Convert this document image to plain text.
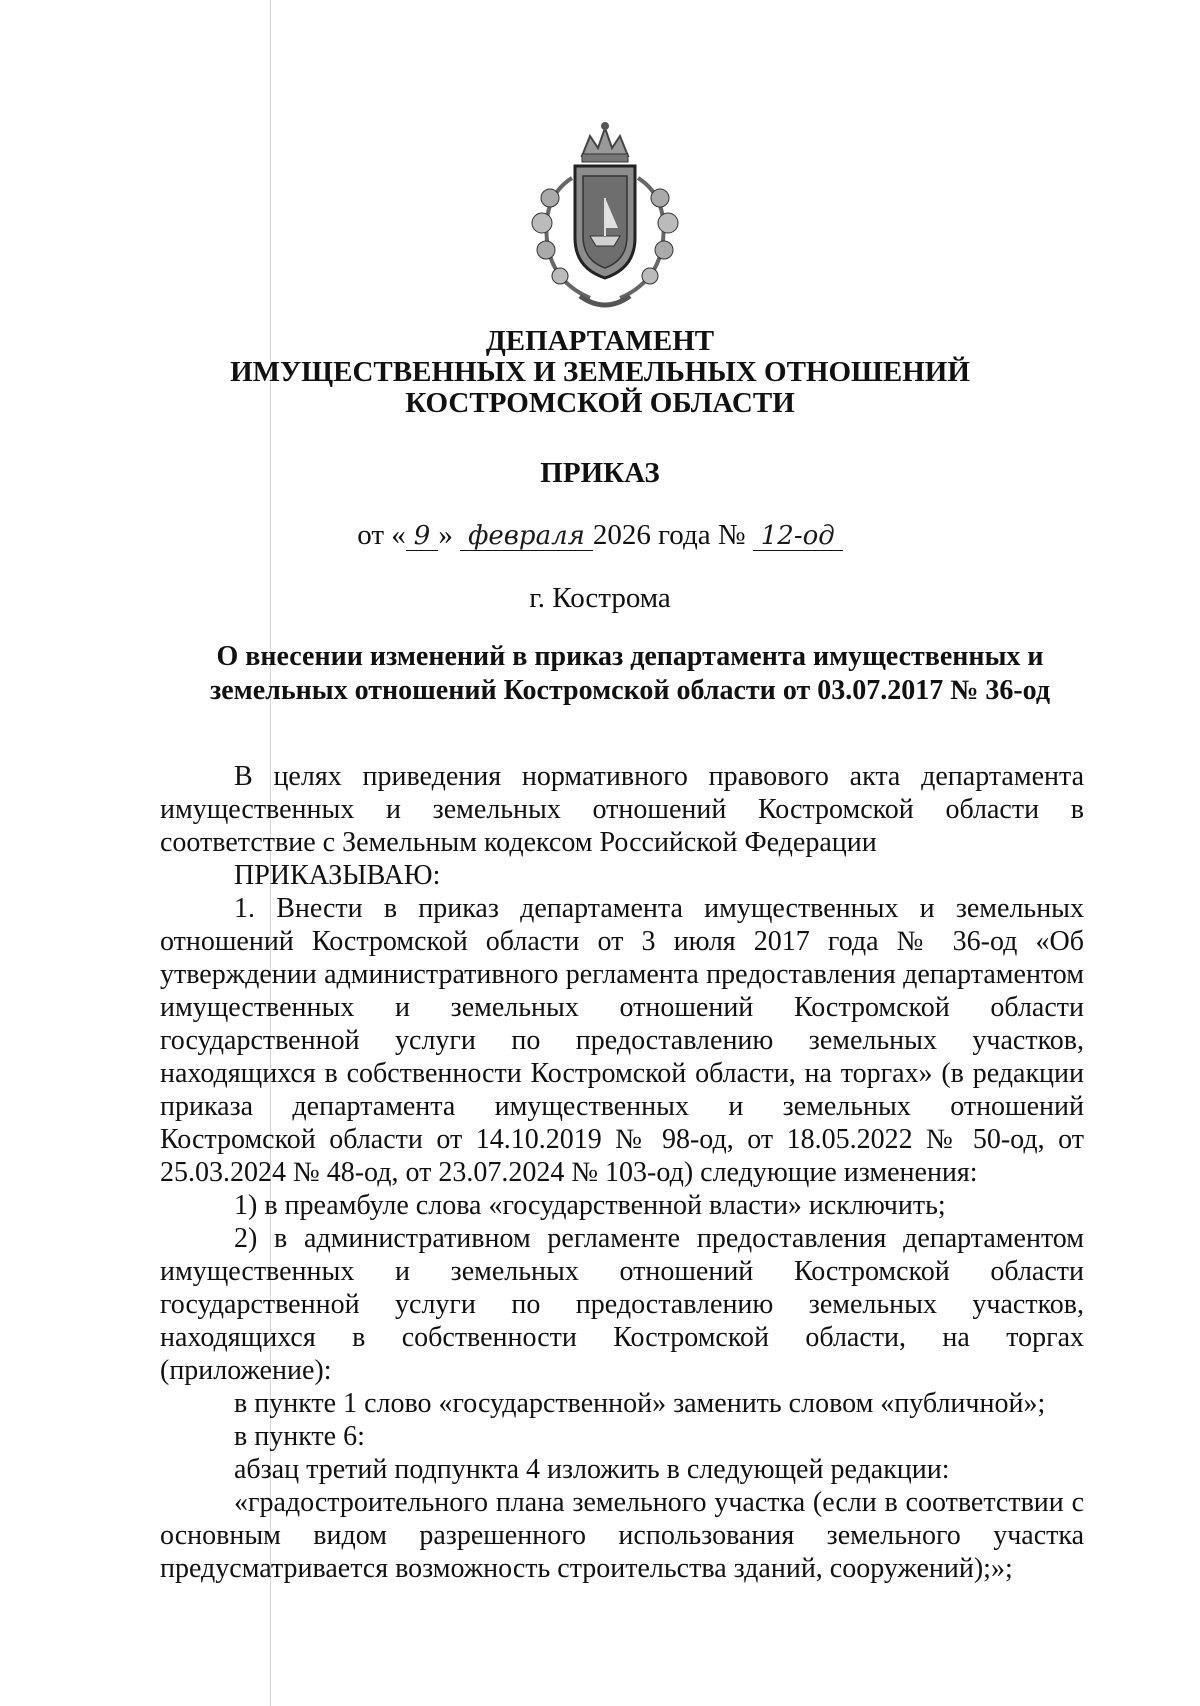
ДЕПАРТАМЕНТ
ИМУЩЕСТВЕННЫХ И ЗЕМЕЛЬНЫХ ОТНОШЕНИЙ
КОСТРОМСКОЙ ОБЛАСТИ
ПРИКАЗ
от « 9 » февраля 2026 года № 12-од
г. Кострома
О внесении изменений в приказ департамента имущественных и
земельных отношений Костромской области от 03.07.2017 № 36-од

В целях приведения нормативного правового акта департамента имущественных и земельных отношений Костромской области в соответствие с Земельным кодексом Российской Федерации

ПРИКАЗЫВАЮ:

1. Внести в приказ департамента имущественных и земельных отношений Костромской области от 3 июля 2017 года № 36-од «Об утверждении административного регламента предоставления департаментом имущественных и земельных отношений Костромской области государственной услуги по предоставлению земельных участков, находящихся в собственности Костромской области, на торгах» (в редакции приказа департамента имущественных и земельных отношений Костромской области от 14.10.2019 № 98-од, от 18.05.2022 № 50-од, от 25.03.2024 № 48-од, от 23.07.2024 № 103-од) следующие изменения:

1) в преамбуле слова «государственной власти» исключить;

2) в административном регламенте предоставления департаментом имущественных и земельных отношений Костромской области государственной услуги по предоставлению земельных участков, находящихся в собственности Костромской области, на торгах (приложение):

в пункте 1 слово «государственной» заменить словом «публичной»;

в пункте 6:

абзац третий подпункта 4 изложить в следующей редакции:

«градостроительного плана земельного участка (если в соответствии с основным видом разрешенного использования земельного участка предусматривается возможность строительства зданий, сооружений);»;
